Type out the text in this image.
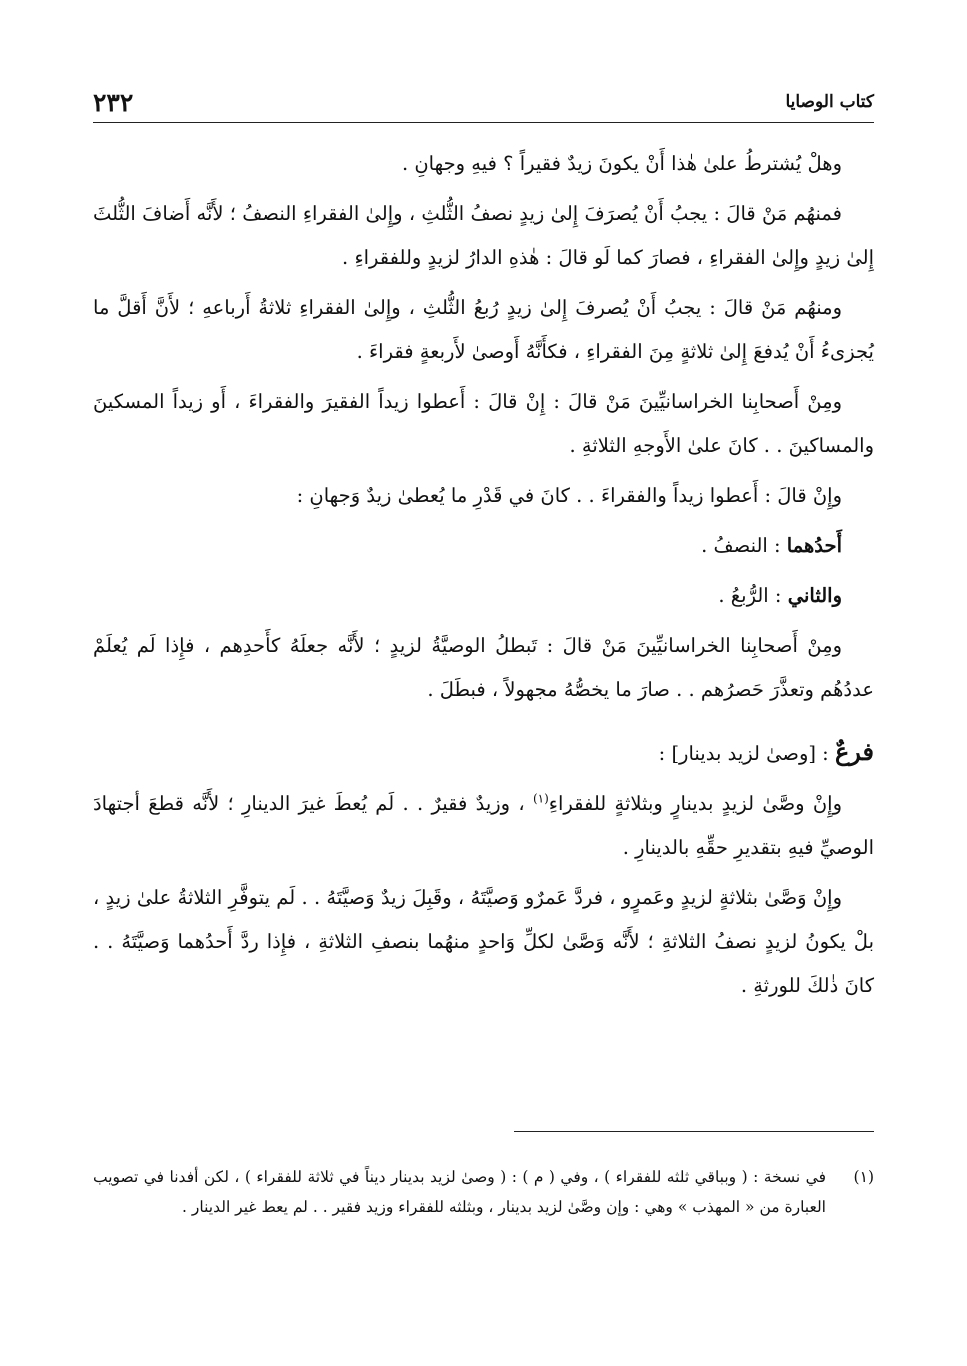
٢٣٢	كتاب الوصايا

وهلْ يُشترطُ علىٰ هٰذا أَنْ يكونَ زيدٌ فقيراً ؟ فيهِ وجهانِ .

فمنهُم مَنْ قالَ : يجبُ أَنْ يُصرَفَ إِلىٰ زيدٍ نصفُ الثُّلثِ ، وإِلىٰ الفقراءِ النصفُ ؛ لأَنَّه أَضافَ الثُّلثَ إِلىٰ زيدٍ وإِلىٰ الفقراءِ ، فصارَ كما لَو قالَ : هٰذهِ الدارُ لزيدٍ وللفقراءِ .

ومنهُم مَنْ قالَ : يجبُ أَنْ يُصرفَ إِلىٰ زيدٍ رُبعُ الثُّلثِ ، وإِلىٰ الفقراءِ ثلاثةُ أَرباعهِ ؛ لأَنَّ أَقلَّ ما يُجزىءُ أَنْ يُدفعَ إِلىٰ ثلاثةٍ مِنَ الفقراءِ ، فكأَنَّهُ أَوصىٰ لأَربعةٍ فقراءَ .

ومِنْ أَصحابِنا الخراسانيِّينَ مَنْ قالَ : إِنْ قالَ : أَعطوا زيداً الفقيرَ والفقراءَ ، أَو زيداً المسكينَ والمساكينَ . . كانَ علىٰ الأَوجهِ الثلاثةِ .

وإِنْ قالَ : أَعطوا زيداً والفقراءَ . . كانَ في قَدْرِ ما يُعطىٰ زيدٌ وَجهانِ :

أَحدُهما : النصفُ .

والثاني : الرُّبعُ .

ومِنْ أَصحابِنا الخراسانيِّينَ مَنْ قالَ : تَبطلُ الوصيَّةُ لزيدٍ ؛ لأَنَّه جعلَهُ كأَحدِهم ، فإِذا لَم يُعلَمْ عددُهُم وتعذَّرَ حَصرُهم . . صارَ ما يخصُّهُ مجهولاً ، فبطَلَ .

فرعٌ : [وصىٰ لزيد بدينار] :

وإِنْ وصَّىٰ لزيدٍ بدينارٍ وبثلاثةٍ للفقراءِ$^{(١)}$ ، وزيدٌ فقيرٌ . . لَم يُعطَ غيرَ الدينارِ ؛ لأَنَّه قطعَ أجتهادَ الوصيِّ فيهِ بتقديرِ حقِّهِ بالدينارِ .

وإِنْ وَصَّىٰ بثلاثةٍ لزيدٍ وعَمرٍو ، فردَّ عَمرٌو وَصيَّتَهُ ، وقَبِلَ زيدٌ وَصيَّتَهُ . . لَم يتوفَّرِ الثلاثةُ علىٰ زيدٍ ، بلْ يكونُ لزيدٍ نصفُ الثلاثةِ ؛ لأَنَّه وَصَّىٰ لكلِّ وَاحدٍ منهُما بنصفِ الثلاثةِ ، فإِذا ردَّ أَحدُهما وَصيَّتَهُ . . كانَ ذٰلكَ للورثةِ .

(١)
في نسخة : ( وبباقي ثلثه للفقراء ) ، وفي ( م ) : ( وصىٰ لزيد بدينار ديناً في ثلاثة للفقراء ) ، لكن أفدنا في تصويب العبارة من « المهذب » وهي : وإن وصَّىٰ لزيد بدينار ، وبثلثه للفقراء وزيد فقير . . لم يعط غير الدينار .
